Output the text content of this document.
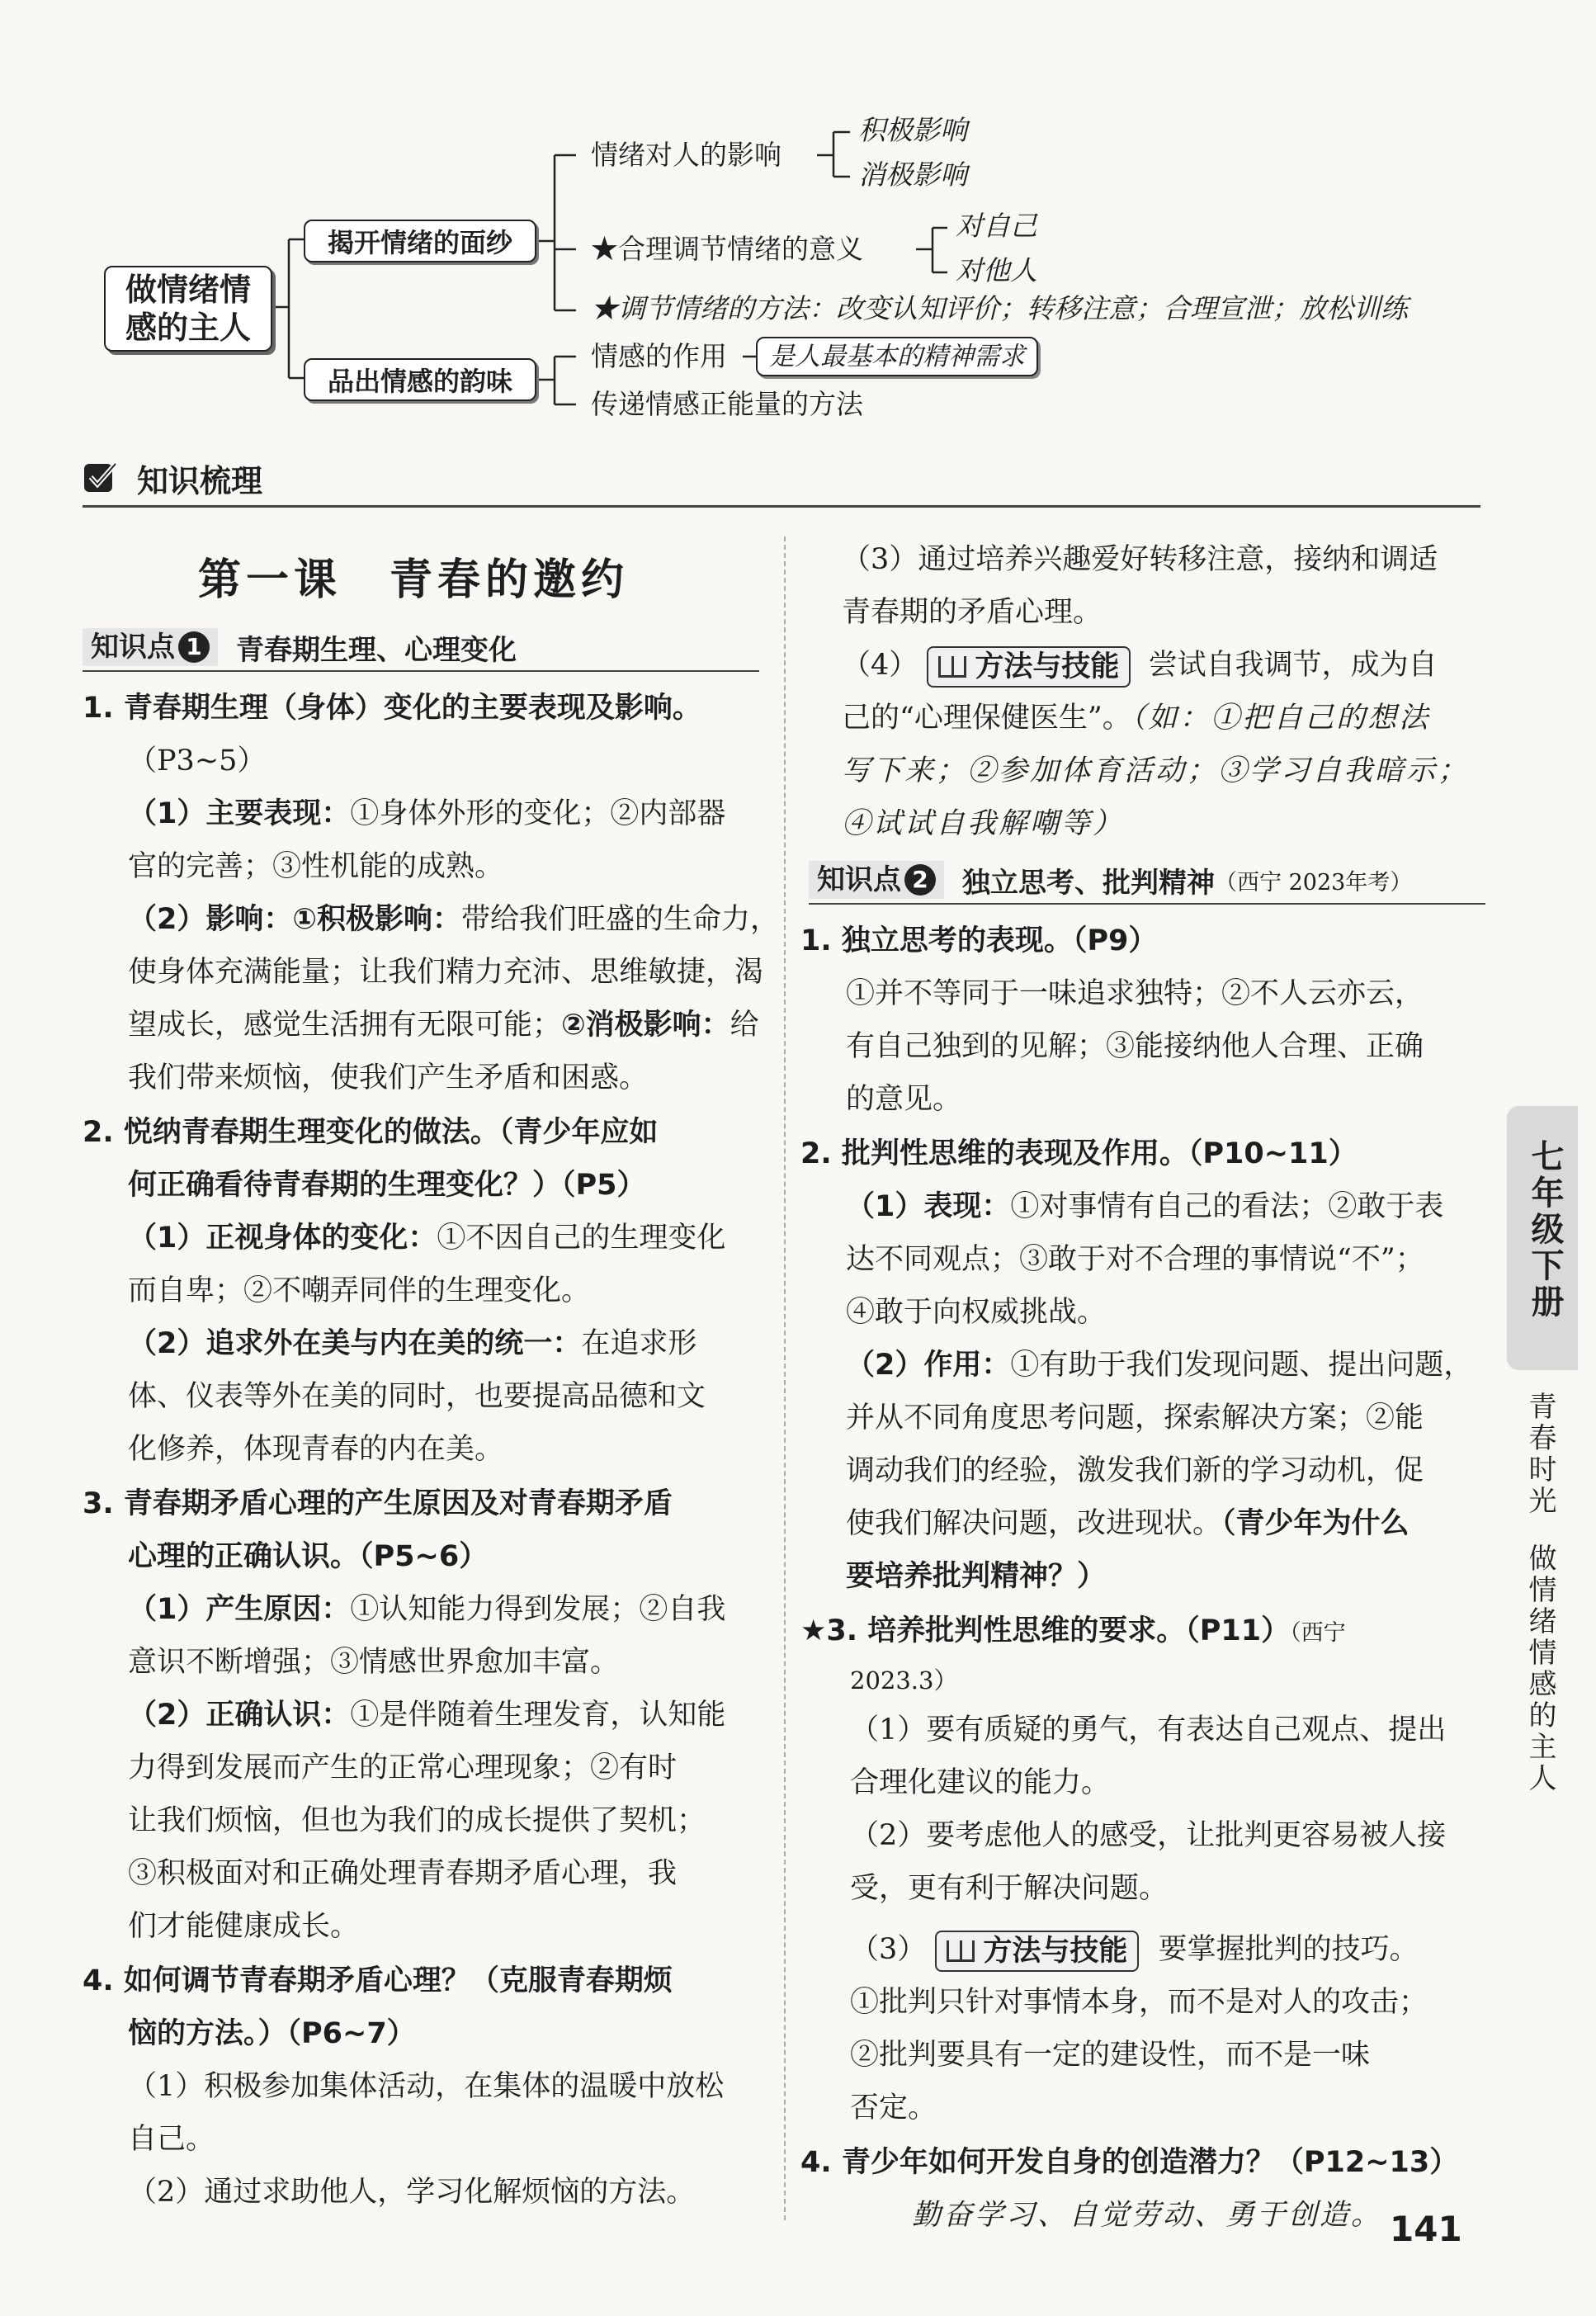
做情绪情感的主人
揭开情绪的面纱
品出情感的韵味
情绪对人的影响
积极影响
消极影响
★合理调节情绪的意义
对自己
对他人
★调节情绪的方法：改变认知评价；转移注意；合理宣泄；放松训练
情感的作用	是人最基本的精神需求
传递情感正能量的方法
知识梳理
第一课　青春的邀约
知识点 1 青春期生理、心理变化
1. 青春期生理（身体）变化的主要表现及影响。
（P3~5）
（1）主要表现：①身体外形的变化；②内部器
官的完善；③性机能的成熟。
（2）影响：①积极影响：带给我们旺盛的生命力，
使身体充满能量；让我们精力充沛、思维敏捷，渴
望成长，感觉生活拥有无限可能；②消极影响：给
我们带来烦恼，使我们产生矛盾和困惑。
2. 悦纳青春期生理变化的做法。（青少年应如
何正确看待青春期的生理变化？）（P5）
（1）正视身体的变化：①不因自己的生理变化
而自卑；②不嘲弄同伴的生理变化。
（2）追求外在美与内在美的统一：在追求形
体、仪表等外在美的同时，也要提高品德和文
化修养，体现青春的内在美。
3. 青春期矛盾心理的产生原因及对青春期矛盾
心理的正确认识。（P5~6）
（1）产生原因：①认知能力得到发展；②自我
意识不断增强；③情感世界愈加丰富。
（2）正确认识：①是伴随着生理发育，认知能
力得到发展而产生的正常心理现象；②有时
让我们烦恼，但也为我们的成长提供了契机；
③积极面对和正确处理青春期矛盾心理，我
们才能健康成长。
4. 如何调节青春期矛盾心理？（克服青春期烦
恼的方法。）（P6~7）
（1）积极参加集体活动，在集体的温暖中放松
自己。
（2）通过求助他人，学习化解烦恼的方法。
（3）通过培养兴趣爱好转移注意，接纳和调适
青春期的矛盾心理。
（4） 方法与技能 尝试自我调节，成为自
己的“心理保健医生”。（如：①把自己的想法
写下来；②参加体育活动；③学习自我暗示；
④试试自我解嘲等）
知识点 2 独立思考、批判精神 （西宁 2023年考）
1. 独立思考的表现。（P9）
①并不等同于一味追求独特；②不人云亦云，
有自己独到的见解；③能接纳他人合理、正确
的意见。
2. 批判性思维的表现及作用。（P10~11）
（1）表现：①对事情有自己的看法；②敢于表
达不同观点；③敢于对不合理的事情说“不”；
④敢于向权威挑战。
（2）作用：①有助于我们发现问题、提出问题，
并从不同角度思考问题，探索解决方案；②能
调动我们的经验，激发我们新的学习动机，促
使我们解决问题，改进现状。（青少年为什么
要培养批判精神？）
★3. 培养批判性思维的要求。（P11）（西宁
2023.3）
（1）要有质疑的勇气，有表达自己观点、提出
合理化建议的能力。
（2）要考虑他人的感受，让批判更容易被人接
受，更有利于解决问题。
（3） 方法与技能 要掌握批判的技巧。
①批判只针对事情本身，而不是对人的攻击；
②批判要具有一定的建设性，而不是一味
否定。
4. 青少年如何开发自身的创造潜力？（P12~13）
勤奋学习、自觉劳动、勇于创造。
七年级下册
青春时光
做情绪情感的主人
141
